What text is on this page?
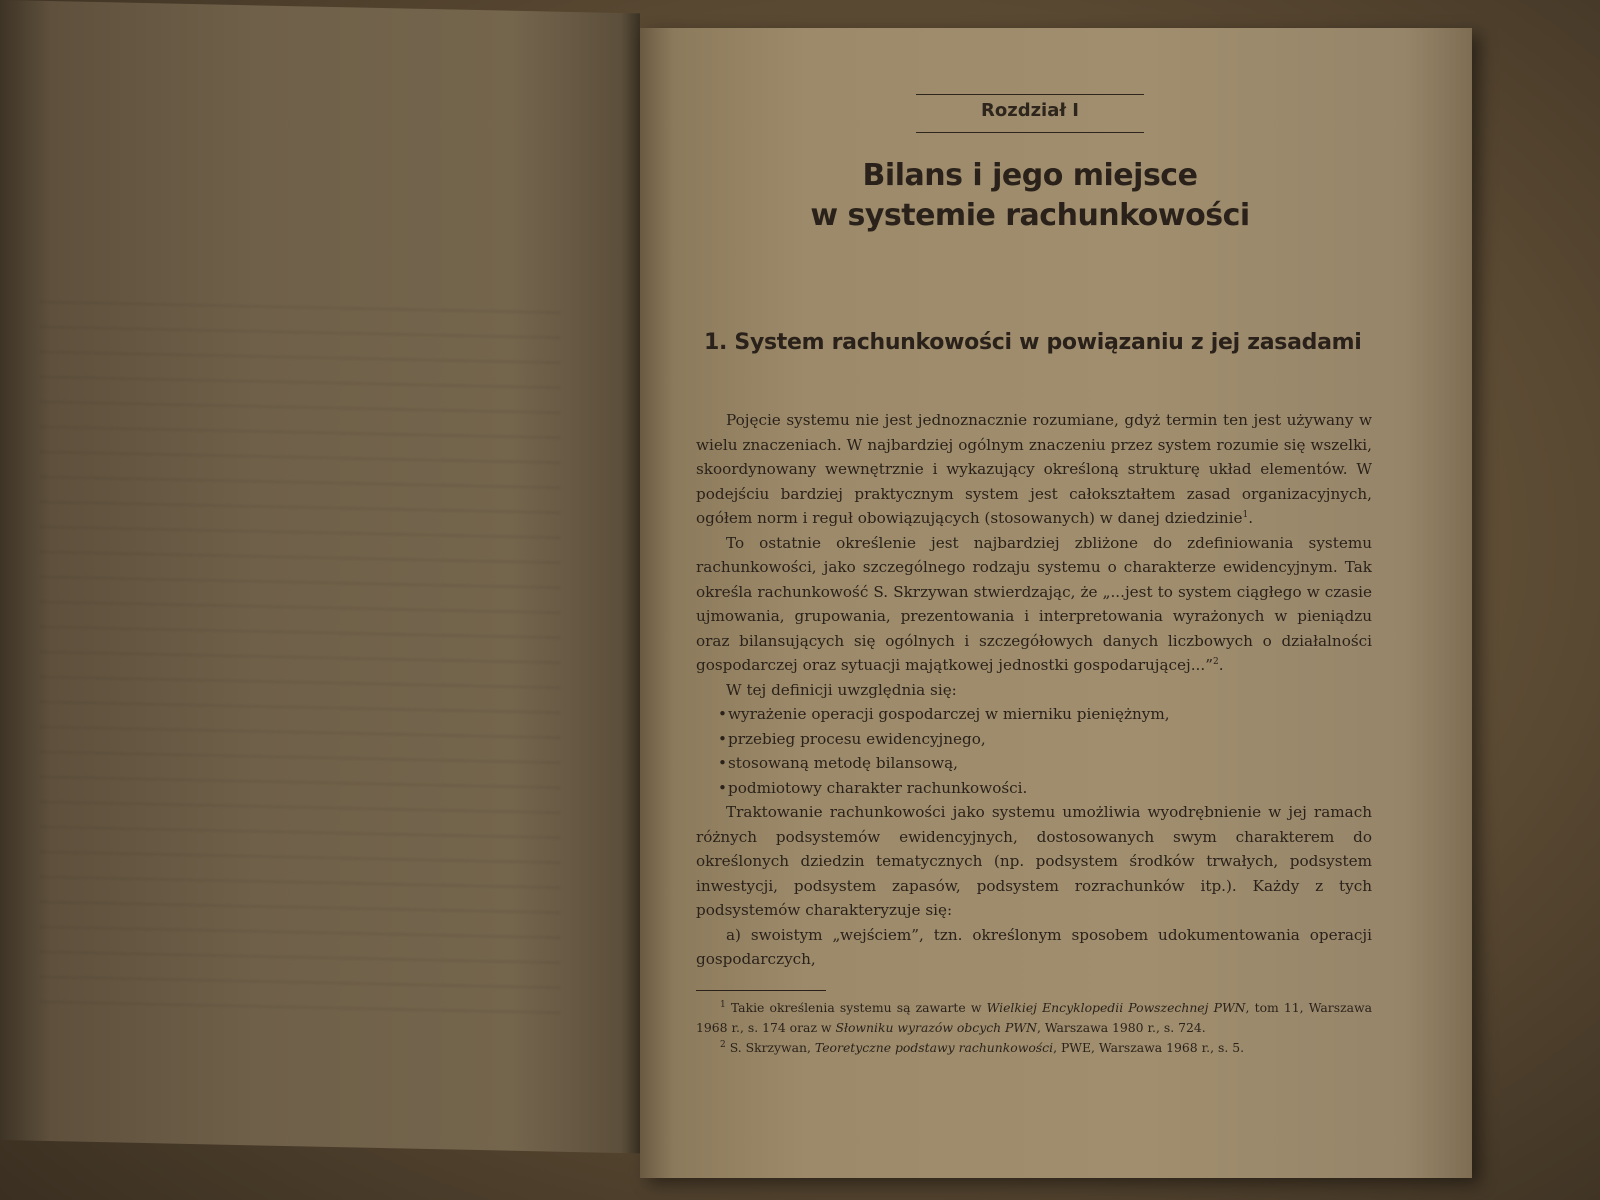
Rozdział I
Bilans i jego miejsce
w systemie rachunkowości
1. System rachunkowości w powiązaniu z jej zasadami

Pojęcie systemu nie jest jednoznacznie rozumiane, gdyż termin ten jest używany w wielu znaczeniach. W najbardziej ogólnym znaczeniu przez system rozumie się wszelki, skoordynowany wewnętrznie i wykazujący określoną strukturę układ elementów. W podejściu bardziej praktycznym system jest całokształtem zasad organizacyjnych, ogółem norm i reguł obowiązujących (stosowanych) w danej dziedzinie$^1$.

To ostatnie określenie jest najbardziej zbliżone do zdefiniowania systemu rachunkowości, jako szczególnego rodzaju systemu o charakterze ewidencyjnym. Tak określa rachunkowość S. Skrzywan stwierdzając, że „...jest to system ciągłego w czasie ujmowania, grupowania, prezentowania i interpretowania wyrażonych w pieniądzu oraz bilansujących się ogólnych i szczegółowych danych liczbowych o działalności gospodarczej oraz sytuacji majątkowej jednostki gospodarującej...”$^2$.

W tej definicji uwzględnia się:

• wyrażenie operacji gospodarczej w mierniku pieniężnym,
• przebieg procesu ewidencyjnego,
• stosowaną metodę bilansową,
• podmiotowy charakter rachunkowości.

Traktowanie rachunkowości jako systemu umożliwia wyodrębnienie w jej ramach różnych podsystemów ewidencyjnych, dostosowanych swym charakterem do określonych dziedzin tematycznych (np. podsystem środków trwałych, podsystem inwestycji, podsystem zapasów, podsystem rozrachunków itp.). Każdy z tych podsystemów charakteryzuje się:

a) swoistym „wejściem”, tzn. określonym sposobem udokumentowania operacji gospodarczych,

$^1$ Takie określenia systemu są zawarte w Wielkiej Encyklopedii Powszechnej PWN, tom 11, Warszawa 1968 r., s. 174 oraz w Słowniku wyrazów obcych PWN, Warszawa 1980 r., s. 724.

$^2$ S. Skrzywan, Teoretyczne podstawy rachunkowości, PWE, Warszawa 1968 r., s. 5.
